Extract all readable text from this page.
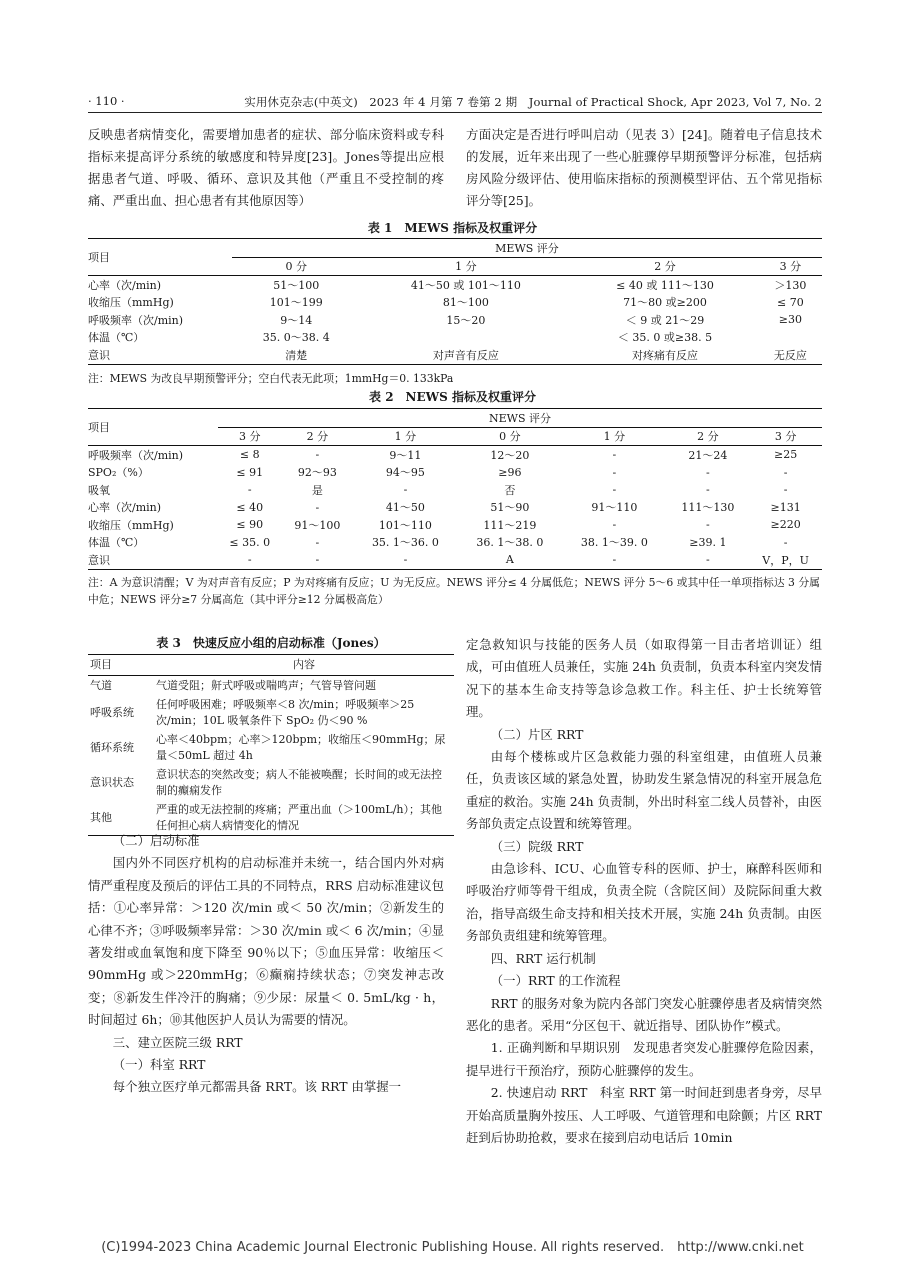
· 110 ·	实用休克杂志(中英文)　2023 年 4 月第 7 卷第 2 期　Journal of Practical Shock, Apr 2023, Vol 7, No. 2

反映患者病情变化，需要增加患者的症状、部分临床资料或专科指标来提高评分系统的敏感度和特异度[23]。Jones等提出应根据患者气道、呼吸、循环、意识及其他（严重且不受控制的疼痛、严重出血、担心患者有其他原因等）

方面决定是否进行呼叫启动（见表 3）[24]。随着电子信息技术的发展，近年来出现了一些心脏骤停早期预警评分标准，包括病房风险分级评估、使用临床指标的预测模型评估、五个常见指标评分等[25]。

表 1　MEWS 指标及权重评分
项目	MEWS 评分			
	0 分	1 分	2 分	3 分
心率（次/min)	51～100	41～50 或 101～110	≤ 40 或 111～130	＞130
收缩压（mmHg)	101～199	81～100	71～80 或≥200	≤ 70
呼吸频率（次/min)	9～14	15～20	＜ 9 或 21～29	≥30
体温（℃）	35. 0～38. 4		＜ 35. 0 或≥38. 5	
意识	清楚	对声音有反应	对疼痛有反应	无反应
注：MEWS 为改良早期预警评分；空白代表无此项；1mmHg＝0. 133kPa
表 2　NEWS 指标及权重评分
项目	NEWS 评分						
	3 分	2 分	1 分	0 分	1 分	2 分	3 分
呼吸频率（次/min)	≤ 8	-	9～11	12～20	-	21～24	≥25
SPO₂（%）	≤ 91	92～93	94～95	≥96	-	-	-
吸氧	-	是	-	否	-	-	-
心率（次/min)	≤ 40	-	41～50	51～90	91～110	111～130	≥131
收缩压（mmHg)	≤ 90	91～100	101～110	111～219	-	-	≥220
体温（℃）	≤ 35. 0	-	35. 1～36. 0	36. 1～38. 0	38. 1～39. 0	≥39. 1	-
意识	-	-	-	A	-	-	V，P，U
注：A 为意识清醒；V 为对声音有反应；P 为对疼痛有反应；U 为无反应。NEWS 评分≤ 4 分属低危；NEWS 评分 5～6 或其中任一单项指标达 3 分属中危；NEWS 评分≥7 分属高危（其中评分≥12 分属极高危）
表 3　快速反应小组的启动标准（Jones）
项目	内容
气道	气道受阻；鼾式呼吸或喘鸣声；气管导管问题
呼吸系统	任何呼吸困难；呼吸频率＜8 次/min；呼吸频率＞25 次/min；10L 吸氧条件下 SpO₂ 仍＜90 %
循环系统	心率＜40bpm；心率＞120bpm；收缩压＜90mmHg；尿量＜50mL 超过 4h
意识状态	意识状态的突然改变；病人不能被唤醒；长时间的或无法控制的癫痫发作
其他	严重的或无法控制的疼痛；严重出血（＞100mL/h）；其他任何担心病人病情变化的情况

（二）启动标准

国内外不同医疗机构的启动标准并未统一，结合国内外对病情严重程度及预后的评估工具的不同特点，RRS 启动标准建议包括：①心率异常：＞120 次/min 或＜ 50 次/min；②新发生的心律不齐；③呼吸频率异常：＞30 次/min 或＜ 6 次/min；④显著发绀或血氧饱和度下降至 90％以下；⑤血压异常：收缩压＜ 90mmHg 或＞220mmHg；⑥癫痫持续状态；⑦突发神志改变；⑧新发生伴冷汗的胸痛；⑨少尿：尿量＜ 0. 5mL/kg · h，时间超过 6h；⑩其他医护人员认为需要的情况。

三、建立医院三级 RRT

（一）科室 RRT

每个独立医疗单元都需具备 RRT。该 RRT 由掌握一

定急救知识与技能的医务人员（如取得第一目击者培训证）组成，可由值班人员兼任，实施 24h 负责制，负责本科室内突发情况下的基本生命支持等急诊急救工作。科主任、护士长统筹管理。

（二）片区 RRT

由每个楼栋或片区急救能力强的科室组建，由值班人员兼任，负责该区域的紧急处置，协助发生紧急情况的科室开展急危重症的救治。实施 24h 负责制，外出时科室二线人员替补，由医务部负责定点设置和统筹管理。

（三）院级 RRT

由急诊科、ICU、心血管专科的医师、护士，麻醉科医师和呼吸治疗师等骨干组成，负责全院（含院区间）及院际间重大救治，指导高级生命支持和相关技术开展，实施 24h 负责制。由医务部负责组建和统筹管理。

四、RRT 运行机制

（一）RRT 的工作流程

RRT 的服务对象为院内各部门突发心脏骤停患者及病情突然恶化的患者。采用“分区包干、就近指导、团队协作”模式。

1. 正确判断和早期识别　发现患者突发心脏骤停危险因素，提早进行干预治疗，预防心脏骤停的发生。

2. 快速启动 RRT　科室 RRT 第一时间赶到患者身旁，尽早开始高质量胸外按压、人工呼吸、气道管理和电除颤；片区 RRT 赶到后协助抢救，要求在接到启动电话后 10min

(C)1994-2023 China Academic Journal Electronic Publishing House. All rights reserved.　http://www.cnki.net
